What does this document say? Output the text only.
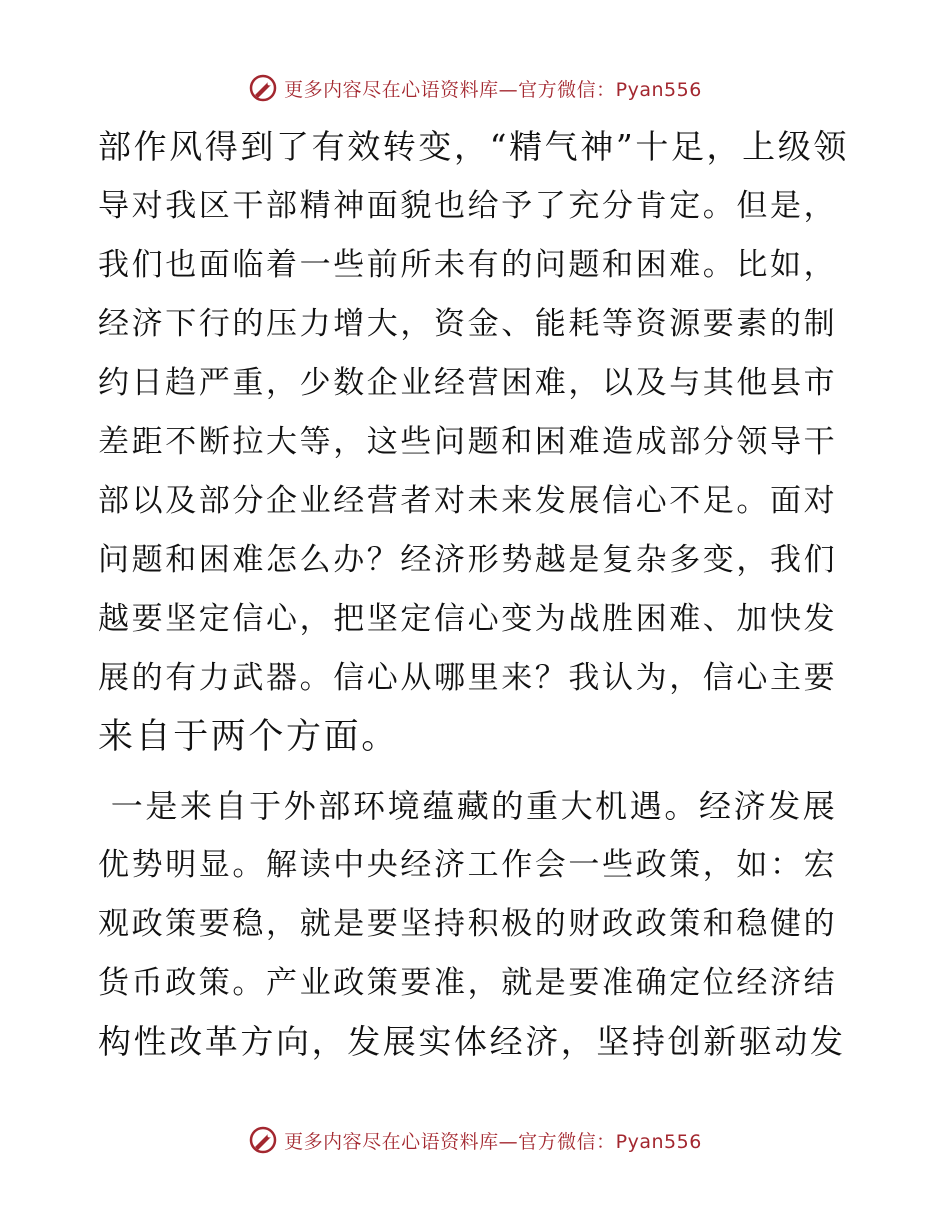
更多内容尽在心语资料库—官方微信：Pyan556
部作风得到了有效转变，“精气神”十足，上级领
导对我区干部精神面貌也给予了充分肯定。但是，
我们也面临着一些前所未有的问题和困难。比如，
经济下行的压力增大，资金、能耗等资源要素的制
约日趋严重，少数企业经营困难，以及与其他县市
差距不断拉大等，这些问题和困难造成部分领导干
部以及部分企业经营者对未来发展信心不足。面对
问题和困难怎么办？经济形势越是复杂多变，我们
越要坚定信心，把坚定信心变为战胜困难、加快发
展的有力武器。信心从哪里来？我认为，信心主要
来自于两个方面。
一是来自于外部环境蕴藏的重大机遇。经济发展
优势明显。解读中央经济工作会一些政策，如：宏
观政策要稳，就是要坚持积极的财政政策和稳健的
货币政策。产业政策要准，就是要准确定位经济结
构性改革方向，发展实体经济，坚持创新驱动发
更多内容尽在心语资料库—官方微信：Pyan556
